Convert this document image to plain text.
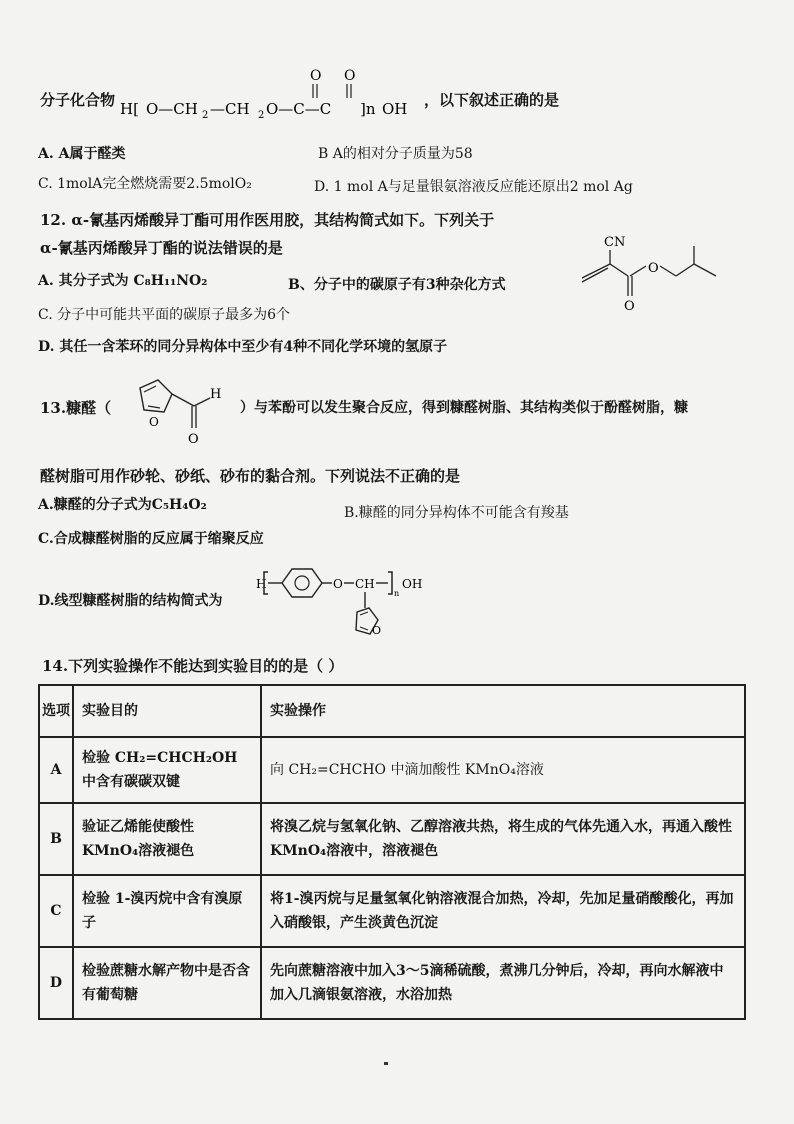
分子化合物
O O
H[ O—CH 2 —CH 2 O—C—C ]n OH ，以下叙述正确的是
A. A属于醛类	B A的相对分子质量为58
C. 1molA完全燃烧需要2.5molO₂	D. 1 mol A与足量银氨溶液反应能还原出2 mol Ag
12. α-氰基丙烯酸异丁酯可用作医用胶，其结构简式如下。下列关于
α-氰基丙烯酸异丁酯的说法错误的是	CN
O
O
A. 其分子式为 C₈H₁₁NO₂	B、分子中的碳原子有3种杂化方式
C. 分子中可能共平面的碳原子最多为6个
D. 其任一含苯环的同分异构体中至少有4种不同化学环境的氢原子
13.糠醛（
O
H
O
）与苯酚可以发生聚合反应，得到糠醛树脂、其结构类似于酚醛树脂，糠
醛树脂可用作砂轮、砂纸、砂布的黏合剂。下列说法不正确的是
A.糠醛的分子式为C₅H₄O₂	B.糠醛的同分异构体不可能含有羧基
C.合成糠醛树脂的反应属于缩聚反应
D.线型糠醛树脂的结构简式为
H	O CH
n
OH
O
14.下列实验操作不能达到实验目的的是（ ）
选项	实验目的	实验操作
A	检验 CH₂=CHCH₂OH 中含有碳碳双键	向 CH₂=CHCHO 中滴加酸性 KMnO₄溶液
B	验证乙烯能使酸性 KMnO₄溶液褪色	将溴乙烷与氢氧化钠、乙醇溶液共热，将生成的气体先通入水，再通入酸性 KMnO₄溶液中，溶液褪色
C	检验 1-溴丙烷中含有溴原子	将1-溴丙烷与足量氢氧化钠溶液混合加热，冷却，先加足量硝酸酸化，再加入硝酸银，产生淡黄色沉淀
D	检验蔗糖水解产物中是否含有葡萄糖	先向蔗糖溶液中加入3～5滴稀硫酸，煮沸几分钟后，冷却，再向水解液中加入几滴银氨溶液，水浴加热
